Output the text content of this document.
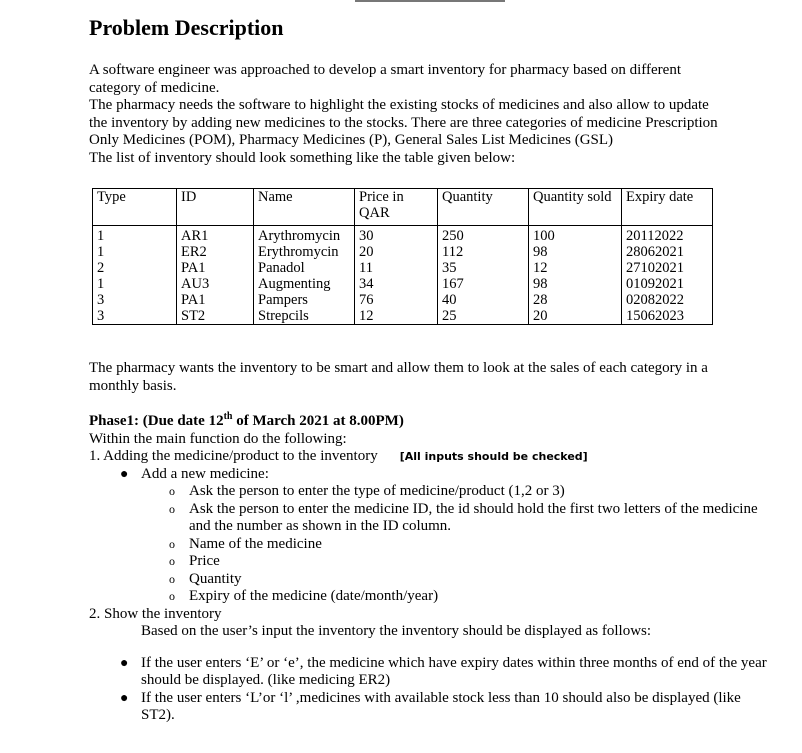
Problem Description

A software engineer was approached to develop a smart inventory for pharmacy based on different category of medicine.

The pharmacy needs the software to highlight the existing stocks of medicines and also allow to update the inventory by adding new medicines to the stocks. There are three categories of medicine Prescription Only Medicines (POM), Pharmacy Medicines (P), General Sales List Medicines (GSL)

The list of inventory should look something like the table given below:

Type	ID	Name	Price in QAR	Quantity	Quantity sold	Expiry date
1	AR1	Arythromycin	30	250	100	20112022
1	ER2	Erythromycin	20	112	98	28062021
2	PA1	Panadol	11	35	12	27102021
1	AU3	Augmenting	34	167	98	01092021
3	PA1	Pampers	76	40	28	02082022
3	ST2	Strepcils	12	25	20	15062023

The pharmacy wants the inventory to be smart and allow them to look at the sales of each category in a monthly basis.

Phase1: (Due date 12th of March 2021 at 8.00PM)

Within the main function do the following:

1. Adding the medicine/product to the inventory [All inputs should be checked]

● Add a new medicine:
o Ask the person to enter the type of medicine/product (1,2 or 3)
o Ask the person to enter the medicine ID, the id should hold the first two letters of the medicine and the number as shown in the ID column.
o Name of the medicine
o Price
o Quantity
o Expiry of the medicine (date/month/year)

2. Show the inventory

Based on the user’s input the inventory the inventory should be displayed as follows:

● If the user enters ‘E’ or ‘e’, the medicine which have expiry dates within three months of end of the year should be displayed. (like medicing ER2)
● If the user enters ‘L’or ‘l’ ,medicines with available stock less than 10 should also be displayed (like ST2).
